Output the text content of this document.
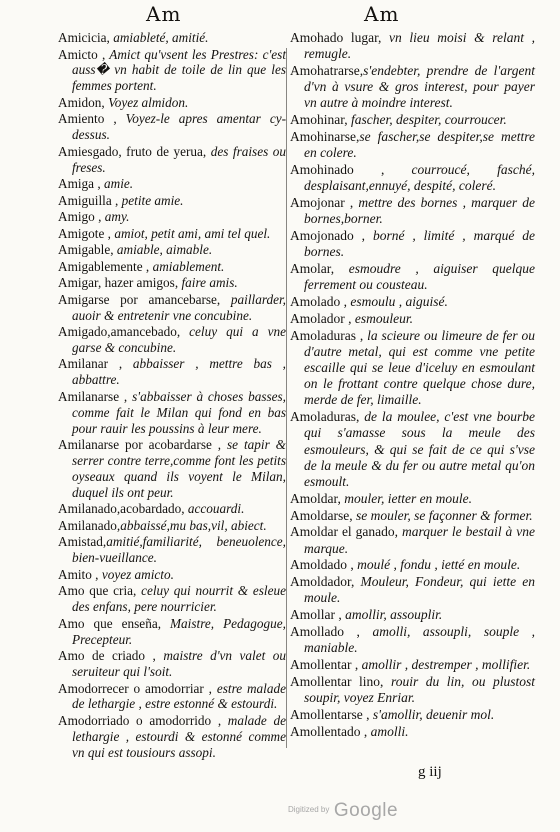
Am	Am
Amicicia, amiableté, amitié.
Amicto , Amict qu'vsent les Prestres: c'est auss� vn habit de toile de lin que les femmes portent.
Amidon, Voyez almidon.
Amiento , Voyez-le apres amentar cy-dessus.
Amiesgado, fruto de yerua, des fraises ou freses.
Amiga , amie.
Amiguilla , petite amie.
Amigo , amy.
Amigote , amiot, petit ami, ami tel quel.
Amigable, amiable, aimable.
Amigablemente , amiablement.
Amigar, hazer amigos, faire amis.
Amigarse por amancebarse, paillarder, auoir & entretenir vne concubine.
Amigado,amancebado, celuy qui a vne garse & concubine.
Amilanar , abbaisser , mettre bas , abbattre.
Amilanarse , s'abbaisser à choses basses, comme fait le Milan qui fond en bas pour rauir les poussins à leur mere.
Amilanarse por acobardarse , se tapir & serrer contre terre,comme font les petits oyseaux quand ils voyent le Milan, duquel ils ont peur.
Amilanado,acobardado, accouardi.
Amilanado,abbaissé,mu bas,vil, abiect.
Amistad,amitié,familiarité, beneuolence, bien-vueillance.
Amito , voyez amicto.
Amo que cria, celuy qui nourrit & esleue des enfans, pere nourricier.
Amo que enseña, Maistre, Pedagogue, Precepteur.
Amo de criado , maistre d'vn valet ou seruiteur qui l'soit.
Amodorrecer o amodorriar , estre malade de lethargie , estre estonné & estourdi.
Amodorriado o amodorrido , malade de lethargie , estourdi & estonné comme vn qui est tousiours assopi.
Amohado lugar, vn lieu moisi & relant , remugle.
Amohatrarse,s'endebter, prendre de l'argent d'vn à vsure & gros interest, pour payer vn autre à moindre interest.
Amohinar, fascher, despiter, courroucer.
Amohinarse,se fascher,se despiter,se mettre en colere.
Amohinado , courroucé, fasché, desplaisant,ennuyé, despité, coleré.
Amojonar , mettre des bornes , marquer de bornes,borner.
Amojonado , borné , limité , marqué de bornes.
Amolar, esmoudre , aiguiser quelque ferrement ou cousteau.
Amolado , esmoulu , aiguisé.
Amolador , esmouleur.
Amoladuras , la scieure ou limeure de fer ou d'autre metal, qui est comme vne petite escaille qui se leue d'iceluy en esmoulant on le frottant contre quelque chose dure, merde de fer, limaille.
Amoladuras, de la moulee, c'est vne bourbe qui s'amasse sous la meule des esmouleurs, & qui se fait de ce qui s'vse de la meule & du fer ou autre metal qu'on esmoult.
Amoldar, mouler, ietter en moule.
Amoldarse, se mouler, se façonner & former.
Amoldar el ganado, marquer le bestail à vne marque.
Amoldado , moulé , fondu , ietté en moule.
Amoldador, Mouleur, Fondeur, qui iette en moule.
Amollar , amollir, assouplir.
Amollado , amolli, assoupli, souple , maniable.
Amollentar , amollir , destremper , mollifier.
Amollentar lino, rouir du lin, ou plustost soupir, voyez Enriar.
Amollentarse , s'amollir, deuenir mol.
Amollentado , amolli.
g iij
$^{Digitized by}$ Google
